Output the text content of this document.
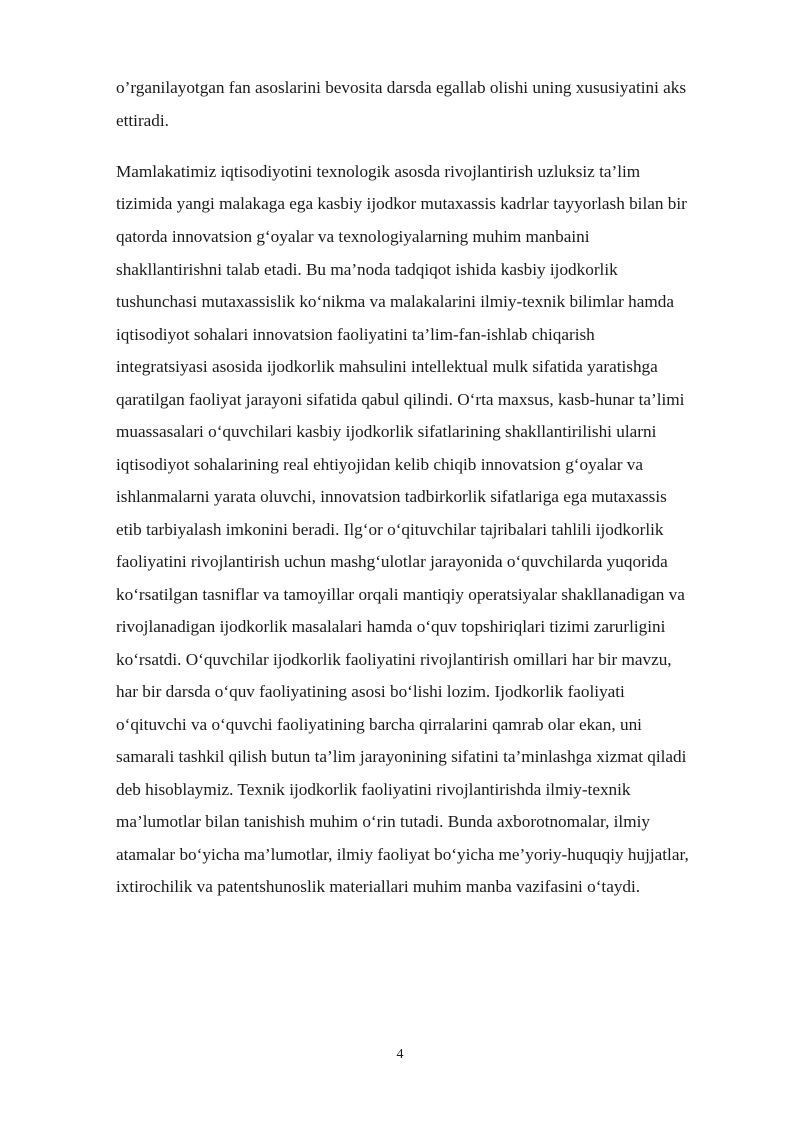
o’rganilayotgan fan asoslarini bevosita darsda egallab olishi uning xususiyatini aks
ettiradi.
Mamlakatimiz iqtisodiyotini texnologik asosda rivojlantirish uzluksiz ta’lim
tizimida yangi malakaga ega kasbiy ijodkor mutaxassis kadrlar tayyorlash bilan bir
qatorda innovatsion g‘oyalar va texnologiyalarning muhim manbaini
shakllantirishni talab etadi. Bu ma’noda tadqiqot ishida kasbiy ijodkorlik
tushunchasi mutaxassislik ko‘nikma va malakalarini ilmiy-texnik bilimlar hamda
iqtisodiyot sohalari innovatsion faoliyatini ta’lim-fan-ishlab chiqarish
integratsiyasi asosida ijodkorlik mahsulini intellektual mulk sifatida yaratishga
qaratilgan faoliyat jarayoni sifatida qabul qilindi. O‘rta maxsus, kasb-hunar ta’limi
muassasalari o‘quvchilari kasbiy ijodkorlik sifatlarining shakllantirilishi ularni
iqtisodiyot sohalarining real ehtiyojidan kelib chiqib innovatsion g‘oyalar va
ishlanmalarni yarata oluvchi, innovatsion tadbirkorlik sifatlariga ega mutaxassis
etib tarbiyalash imkonini beradi. Ilg‘or o‘qituvchilar tajribalari tahlili ijodkorlik
faoliyatini rivojlantirish uchun mashg‘ulotlar jarayonida o‘quvchilarda yuqorida
ko‘rsatilgan tasniflar va tamoyillar orqali mantiqiy operatsiyalar shakllanadigan va
rivojlanadigan ijodkorlik masalalari hamda o‘quv topshiriqlari tizimi zarurligini
ko‘rsatdi. O‘quvchilar ijodkorlik faoliyatini rivojlantirish omillari har bir mavzu,
har bir darsda o‘quv faoliyatining asosi bo‘lishi lozim. Ijodkorlik faoliyati
o‘qituvchi va o‘quvchi faoliyatining barcha qirralarini qamrab olar ekan, uni
samarali tashkil qilish butun ta’lim jarayonining sifatini ta’minlashga xizmat qiladi
deb hisoblaymiz. Texnik ijodkorlik faoliyatini rivojlantirishda ilmiy-texnik
ma’lumotlar bilan tanishish muhim o‘rin tutadi. Bunda axborotnomalar, ilmiy
atamalar bo‘yicha ma’lumotlar, ilmiy faoliyat bo‘yicha me’yoriy-huquqiy hujjatlar,
ixtirochilik va patentshunoslik materiallari muhim manba vazifasini o‘taydi.
4
